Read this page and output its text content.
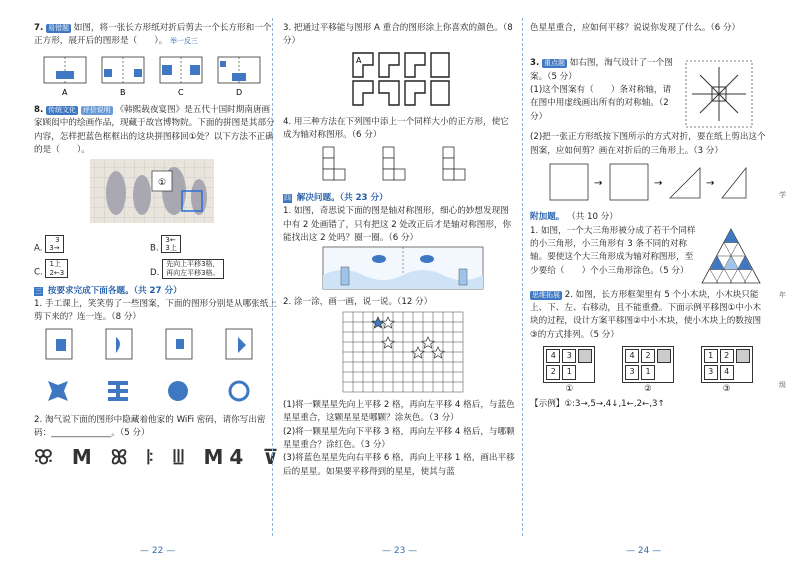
7. 易错题 如图，将一张长方形纸对折后剪去一个长方形和一个正方形，展开后的图形是（　　）。 举一反三

A	B	C	D

8. 传统文化 评价说明 《韩熙载夜宴图》是五代十国时期南唐画家顾闳中的绘画作品，现藏于故宫博物院。下面的拼图是其部分内容，怎样把蓝色框框出的这块拼图移回①处？以下方法不正确的是（　　）。

①
A.
3
3→	B.
3←
3上
C.
1上
2←3	D.
先向上平移3格，
再向左平移3格。

三 按要求完成下面各题。（共 27 分）

1. 手工课上，笑笑剪了一些图案，下面的图形分别是从哪张纸上剪下来的？连一连。（8 分）

2. 淘气说下面的图形中隐藏着他家的 WiFi 密码，请你写出密码：______________。（5 分）

ꕣ Ⅿ ꕤ ꖎ ꔗ Ⅿ4 ⊽
— 22 —

3. 把通过平移能与图形 A 重合的图形涂上你喜欢的颜色。（8 分）

A

4. 用三种方法在下列图中添上一个同样大小的正方形，使它成为轴对称图形。（6 分）

四 解决问题。（共 23 分）

1. 如图，奇思说下面的图是轴对称图形，细心的妙想发现图中有 2 处画错了，只有把这 2 处改正后才是轴对称图形，你能找出这 2 处吗？圈一圈。（6 分）

2. 涂一涂，画一画，说一说。（12 分）

(1)将一颗星星先向上平移 2 格，再向左平移 4 格后，与蓝色星星重合，这颗星星是哪颗？涂灰色。（3 分）

(2)将一颗星星先向下平移 3 格，再向左平移 4 格后，与哪颗星星重合？涂红色。（3 分）

(3)将蓝色星星先向右平移 6 格，再向上平移 1 格，画出平移后的星星。如果要平移得到的星星，使其与蓝

— 23 —

色星星重合，应如何平移？说说你发现了什么。（6 分）

3. 重点题 如右图，淘气设计了一个图案。（5 分）

(1)这个图案有（　　）条对称轴，请在图中用虚线画出所有的对称轴。（2 分）

(2)把一张正方形纸按下图所示的方式对折，要在纸上剪出这个图案，应如何剪？画在对折后的三角形上。（3 分）

→	→	→

附加题。 （共 10 分）

1. 如图，一个大三角形被分成了若干个同样的小三角形，小三角形有 3 条不同的对称轴。要使这个大三角形成为轴对称图形，至少要给（　　）个小三角形涂色。（5 分）

思维拓展 2. 如图，长方形框架里有 5 个小木块，小木块只能上、下、左、右移动，且不能重叠。下面示例平移图①中小木块的过程，设计方案平移图②中小木块，使小木块上的数按图③的方式排列。（5 分）

4	3
2	1
①
4	2
3	1
②
1	2
3	4
③

【示例】①:3→,5→,4↓,1←,2←,3↑

学
年
级
— 24 —
